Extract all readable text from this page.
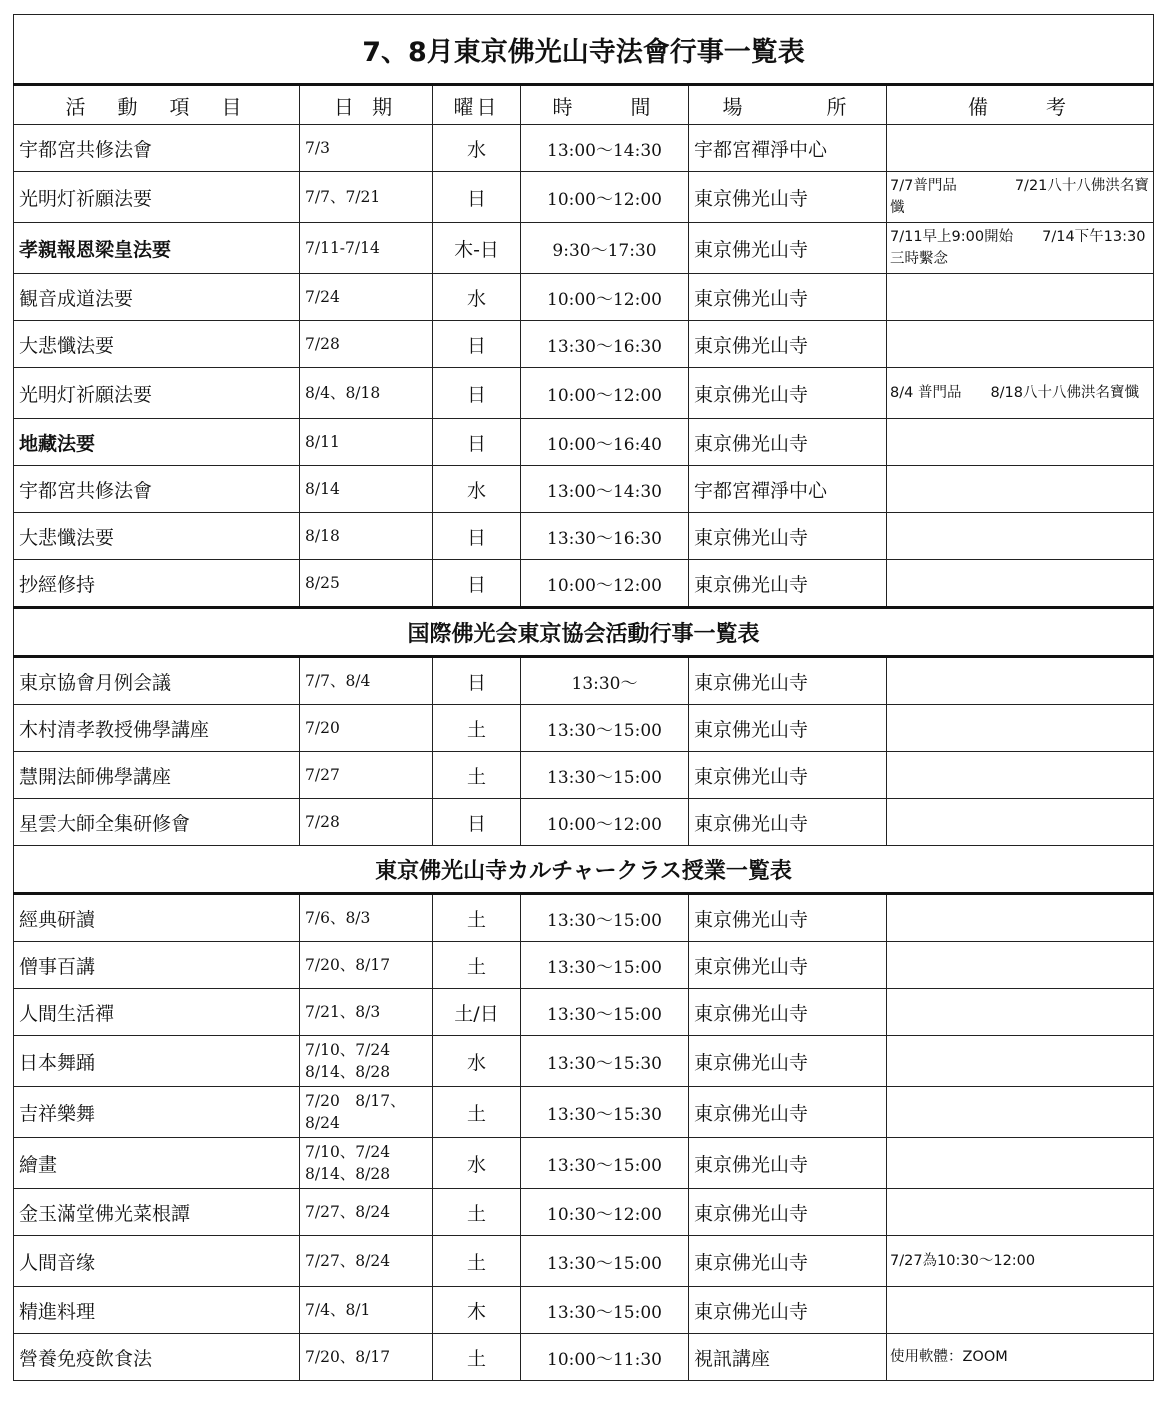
7、8月東京佛光山寺法會行事一覧表					
活　動　項　目	日 期	曜日	時　　間	場　　　所	備　　考
宇都宮共修法會	7/3	水	13:00～14:30	宇都宮禪淨中心	
光明灯祈願法要	7/7、7/21	日	10:00～12:00	東京佛光山寺	7/7普門品　　　　7/21八十八佛洪名寶懺
孝親報恩梁皇法要	7/11-7/14	木-日	9:30～17:30	東京佛光山寺	7/11早上9:00開始　　7/14下午13:30三時繫念
観音成道法要	7/24	水	10:00～12:00	東京佛光山寺	
大悲懺法要	7/28	日	13:30～16:30	東京佛光山寺	
光明灯祈願法要	8/4、8/18	日	10:00～12:00	東京佛光山寺	8/4 普門品　　8/18八十八佛洪名寶懺
地藏法要	8/11	日	10:00～16:40	東京佛光山寺	
宇都宮共修法會	8/14	水	13:00～14:30	宇都宮禪淨中心	
大悲懺法要	8/18	日	13:30～16:30	東京佛光山寺	
抄經修持	8/25	日	10:00～12:00	東京佛光山寺	
国際佛光会東京協会活動行事一覧表					
東京協會月例会議	7/7、8/4	日	13:30～	東京佛光山寺	
木村清孝教授佛學講座	7/20	土	13:30～15:00	東京佛光山寺	
慧開法師佛學講座	7/27	土	13:30～15:00	東京佛光山寺	
星雲大師全集研修會	7/28	日	10:00～12:00	東京佛光山寺	
東京佛光山寺カルチャークラス授業一覧表					
經典研讀	7/6、8/3	土	13:30～15:00	東京佛光山寺	
僧事百講	7/20、8/17	土	13:30～15:00	東京佛光山寺	
人間生活禪	7/21、8/3	土/日	13:30～15:00	東京佛光山寺	
日本舞踊	7/10、7/24 8/14、8/28	水	13:30～15:30	東京佛光山寺	
吉祥樂舞	7/20　8/17、8/24	土	13:30～15:30	東京佛光山寺	
繪畫	7/10、7/24 8/14、8/28	水	13:30～15:00	東京佛光山寺	
金玉滿堂佛光菜根譚	7/27、8/24	土	10:30～12:00	東京佛光山寺	
人間音缘	7/27、8/24	土	13:30～15:00	東京佛光山寺	7/27為10:30～12:00
精進料理	7/4、8/1	木	13:30～15:00	東京佛光山寺	
營養免疫飲食法	7/20、8/17	土	10:00～11:30	視訊講座	使用軟體：ZOOM
